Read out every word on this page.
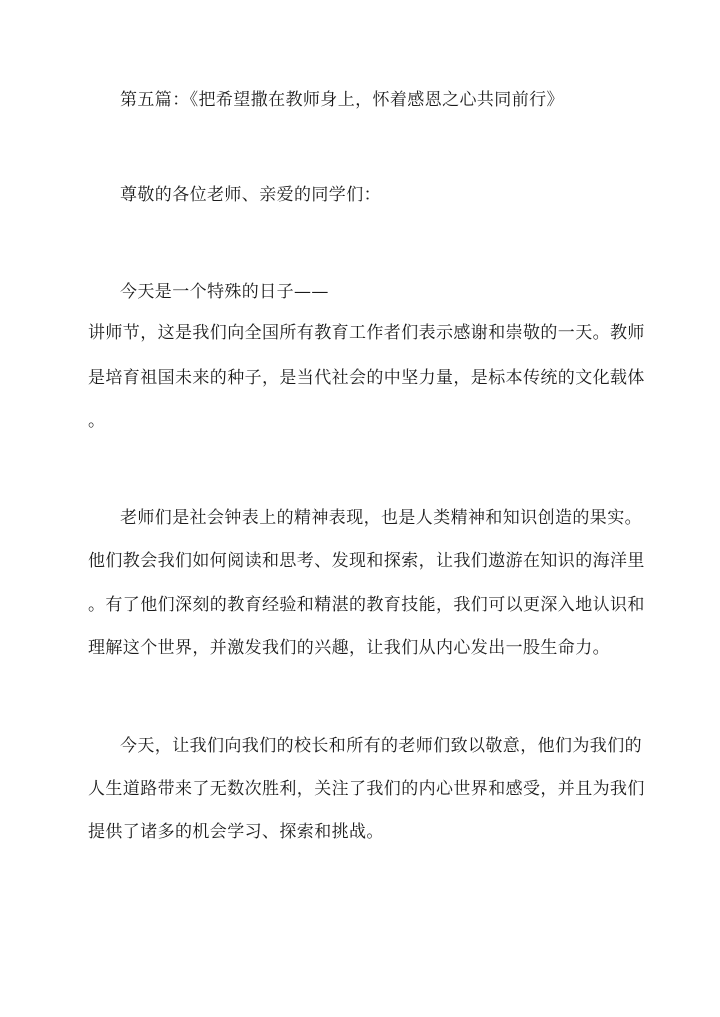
第五篇：《把希望撒在教师身上，怀着感恩之心共同前行》
尊敬的各位老师、亲爱的同学们：
今天是一个特殊的日子——
讲师节，这是我们向全国所有教育工作者们表示感谢和崇敬的一天。教师
是培育祖国未来的种子，是当代社会的中坚力量，是标本传统的文化载体
。
老师们是社会钟表上的精神表现，也是人类精神和知识创造的果实。
他们教会我们如何阅读和思考、发现和探索，让我们遨游在知识的海洋里
。有了他们深刻的教育经验和精湛的教育技能，我们可以更深入地认识和
理解这个世界，并激发我们的兴趣，让我们从内心发出一股生命力。
今天，让我们向我们的校长和所有的老师们致以敬意，他们为我们的
人生道路带来了无数次胜利，关注了我们的内心世界和感受，并且为我们
提供了诸多的机会学习、探索和挑战。
